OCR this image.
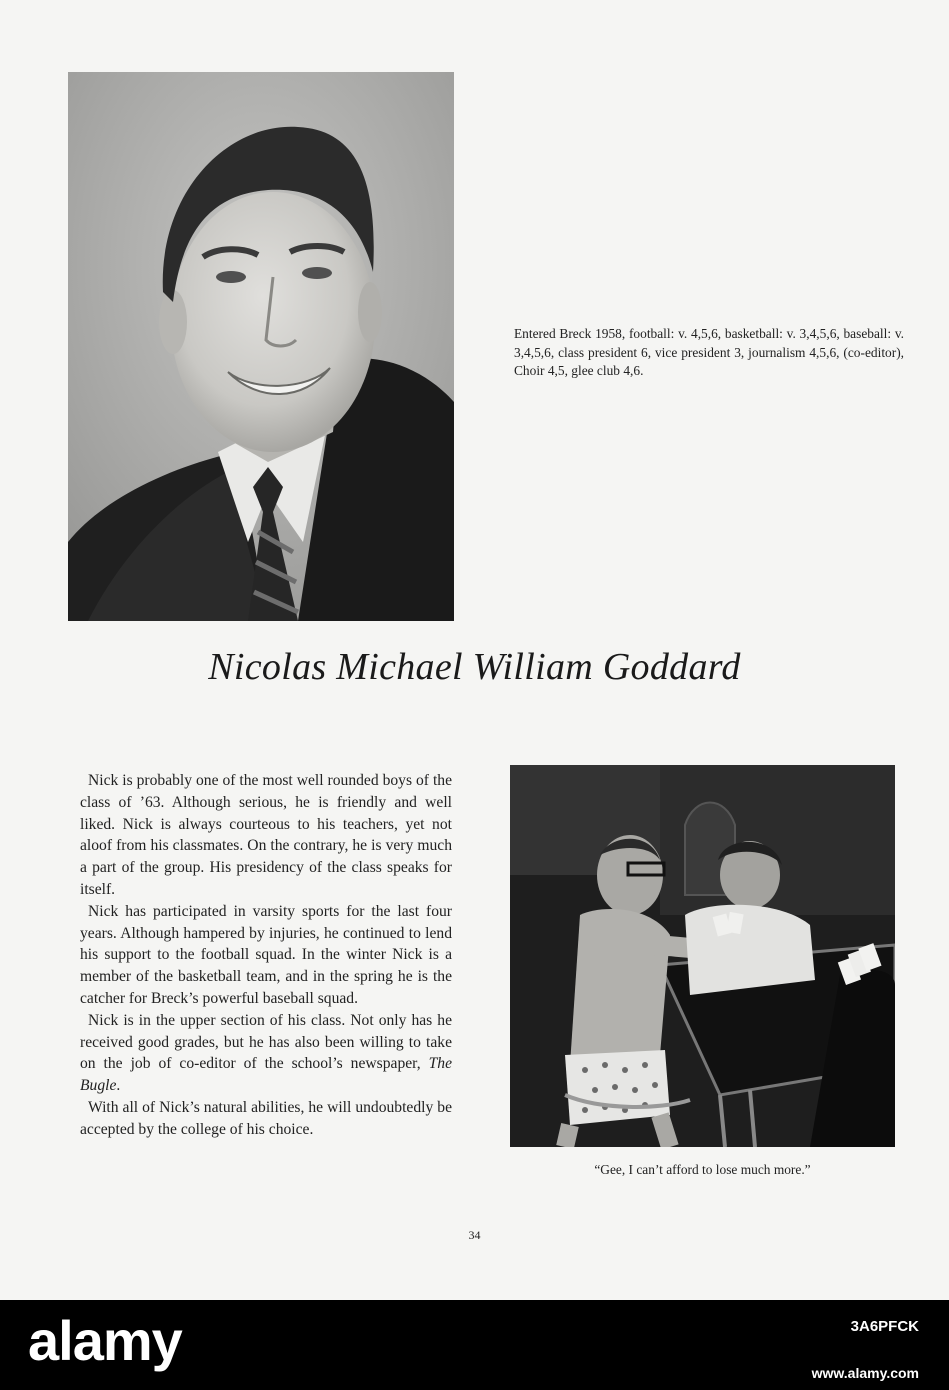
Entered Breck 1958, football: v. 4,5,6, basketball: v. 3,4,5,6, baseball: v. 3,4,5,6, class president 6, vice president 3, journalism 4,5,6, (co-editor), Choir 4,5, glee club 4,6.
Nicolas Michael William Goddard

Nick is probably one of the most well rounded boys of the class of ’63. Although serious, he is friendly and well liked. Nick is always courteous to his teachers, yet not aloof from his classmates. On the contrary, he is very much a part of the group. His presidency of the class speaks for itself.

Nick has participated in varsity sports for the last four years. Although hampered by injuries, he continued to lend his support to the football squad. In the winter Nick is a member of the basketball team, and in the spring he is the catcher for Breck’s powerful baseball squad.

Nick is in the upper section of his class. Not only has he received good grades, but he has also been willing to take on the job of co-editor of the school’s newspaper, The Bugle.

With all of Nick’s natural abilities, he will undoubtedly be accepted by the college of his choice.

“Gee, I can’t afford to lose much more.”
34
alamy	3A6PFCK
www.alamy.com
